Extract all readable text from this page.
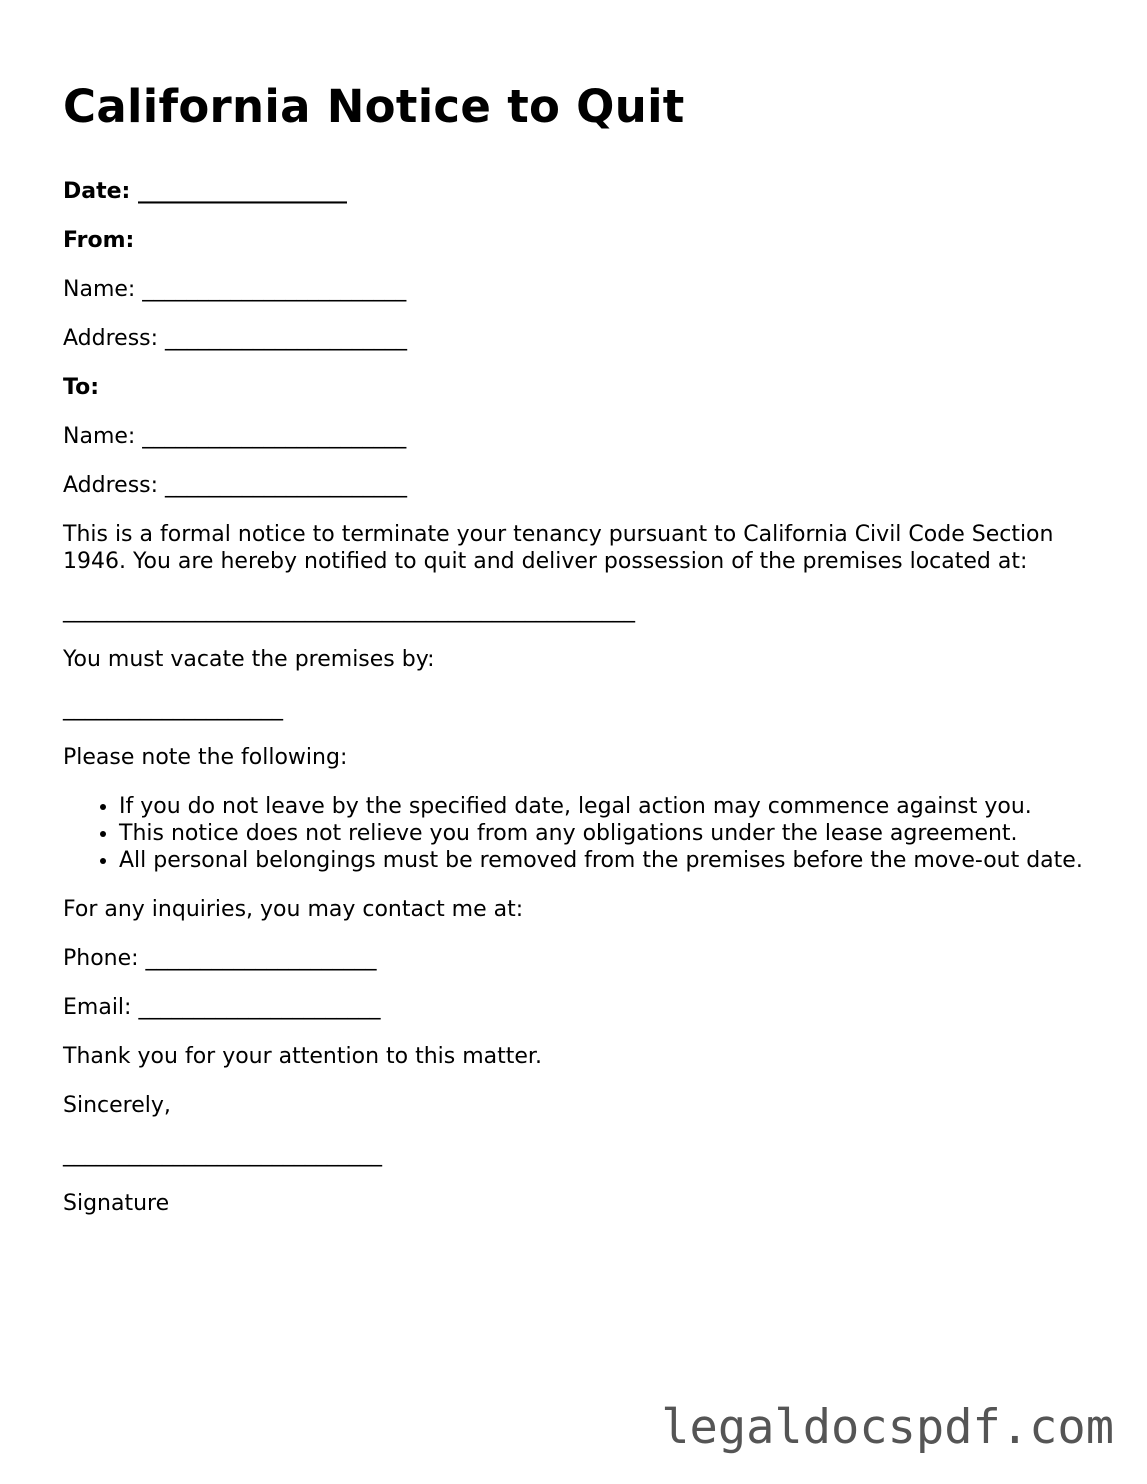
California Notice to Quit
Date: ___________________
From:
Name: ________________________
Address: ______________________
To:
Name: ________________________
Address: ______________________
This is a formal notice to terminate your tenancy pursuant to California Civil Code Section 1946. You are hereby notified to quit and deliver possession of the premises located at:
____________________________________________________
You must vacate the premises by:
____________________
Please note the following:
• If you do not leave by the specified date, legal action may commence against you.
• This notice does not relieve you from any obligations under the lease agreement.
• All personal belongings must be removed from the premises before the move-out date.
For any inquiries, you may contact me at:
Phone: _____________________
Email: ______________________
Thank you for your attention to this matter.
Sincerely,
_____________________________
Signature
legaldocspdf.com
